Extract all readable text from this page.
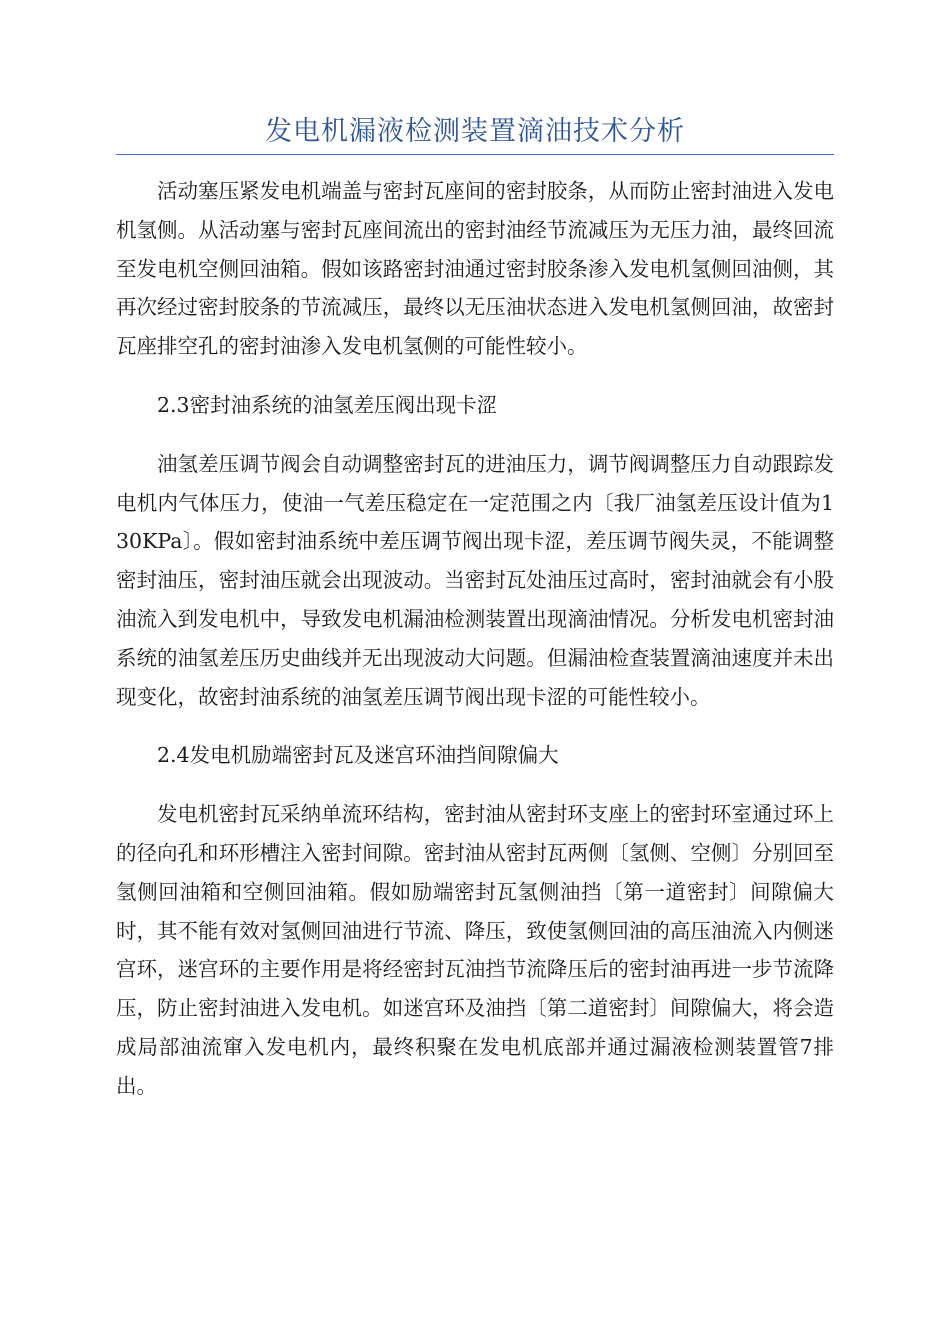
发电机漏液检测装置滴油技术分析

活动塞压紧发电机端盖与密封瓦座间的密封胶条，从而防止密封油进入发电机氢侧。从活动塞与密封瓦座间流出的密封油经节流减压为无压力油，最终回流至发电机空侧回油箱。假如该路密封油通过密封胶条渗入发电机氢侧回油侧，其再次经过密封胶条的节流减压，最终以无压油状态进入发电机氢侧回油，故密封瓦座排空孔的密封油渗入发电机氢侧的可能性较小。

2.3密封油系统的油氢差压阀出现卡涩

油氢差压调节阀会自动调整密封瓦的进油压力，调节阀调整压力自动跟踪发电机内气体压力，使油一气差压稳定在一定范围之内〔我厂油氢差压设计值为130KPa〕。假如密封油系统中差压调节阀出现卡涩，差压调节阀失灵，不能调整密封油压，密封油压就会出现波动。当密封瓦处油压过高时，密封油就会有小股油流入到发电机中，导致发电机漏油检测装置出现滴油情况。分析发电机密封油系统的油氢差压历史曲线并无出现波动大问题。但漏油检查装置滴油速度并未出现变化，故密封油系统的油氢差压调节阀出现卡涩的可能性较小。

2.4发电机励端密封瓦及迷宫环油挡间隙偏大

发电机密封瓦采纳单流环结构，密封油从密封环支座上的密封环室通过环上的径向孔和环形槽注入密封间隙。密封油从密封瓦两侧〔氢侧、空侧〕分别回至氢侧回油箱和空侧回油箱。假如励端密封瓦氢侧油挡〔第一道密封〕间隙偏大时，其不能有效对氢侧回油进行节流、降压，致使氢侧回油的高压油流入内侧迷宫环，迷宫环的主要作用是将经密封瓦油挡节流降压后的密封油再进一步节流降压，防止密封油进入发电机。如迷宫环及油挡〔第二道密封〕间隙偏大，将会造成局部油流窜入发电机内，最终积聚在发电机底部并通过漏液检测装置管7排出。
